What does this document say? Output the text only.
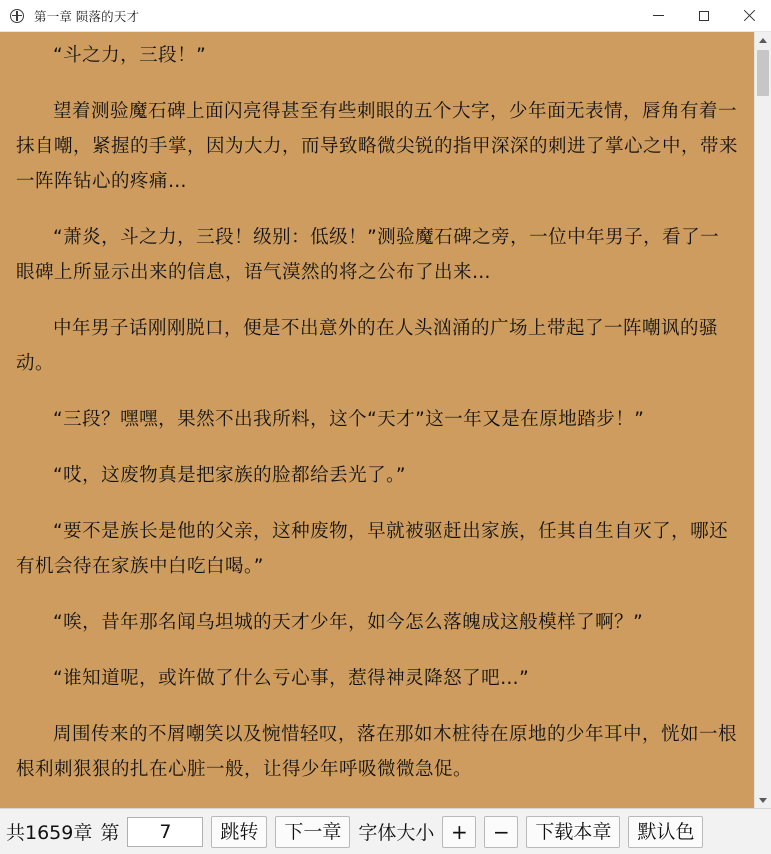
第一章 陨落的天才

“斗之力，三段！”

望着测验魔石碑上面闪亮得甚至有些刺眼的五个大字，少年面无表情，唇角有着一抹自嘲，紧握的手掌，因为大力，而导致略微尖锐的指甲深深的刺进了掌心之中，带来一阵阵钻心的疼痛…

“萧炎，斗之力，三段！级别：低级！”测验魔石碑之旁，一位中年男子，看了一眼碑上所显示出来的信息，语气漠然的将之公布了出来…

中年男子话刚刚脱口，便是不出意外的在人头汹涌的广场上带起了一阵嘲讽的骚动。

“三段？嘿嘿，果然不出我所料，这个“天才”这一年又是在原地踏步！”

“哎，这废物真是把家族的脸都给丢光了。”

“要不是族长是他的父亲，这种废物，早就被驱赶出家族，任其自生自灭了，哪还有机会待在家族中白吃白喝。”

“唉，昔年那名闻乌坦城的天才少年，如今怎么落魄成这般模样了啊？”

“谁知道呢，或许做了什么亏心事，惹得神灵降怒了吧…”

周围传来的不屑嘲笑以及惋惜轻叹，落在那如木桩待在原地的少年耳中，恍如一根根利刺狠狠的扎在心脏一般，让得少年呼吸微微急促。

共1659章 第
7	跳转	下一章 字体大小 +	−	下载本章	默认色
